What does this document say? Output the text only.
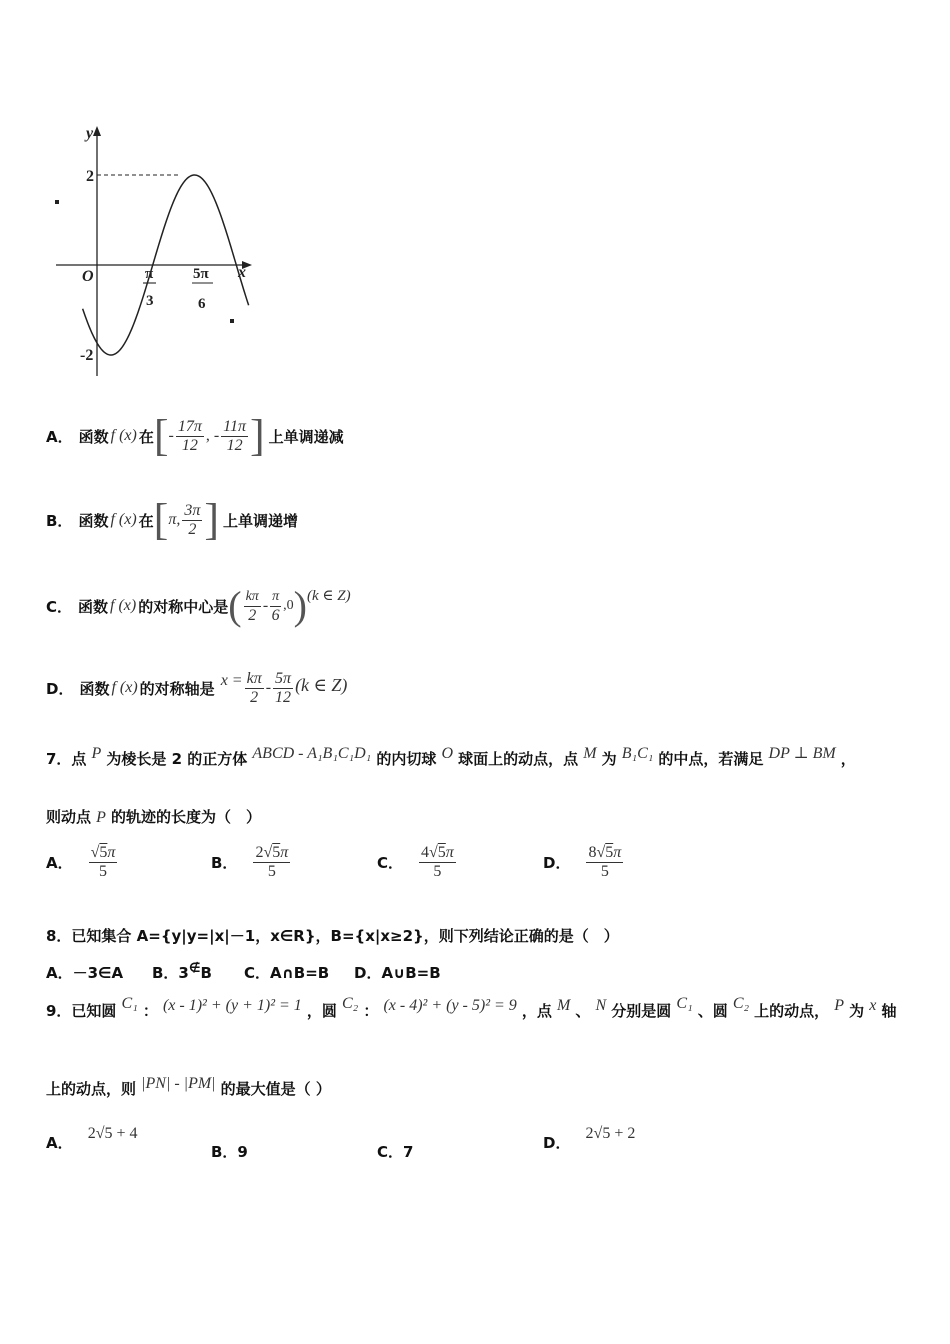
y
x
O
2
-2
π
3
5π
6
A． 函数 f (x) 在 [ - $\frac{17\pi}{12}$ , - $\frac{11\pi}{12}$ ] 上单调递减
B． 函数 f (x) 在 [ π, $\frac{3\pi}{2}$ ] 上单调递增
C． 函数 f (x) 的对称中心是 ( $\frac{k\pi}{2} - \frac{\pi}{6} ,0$ ) (k ∈ Z)
D． 函数 f (x) 的对称轴是 $x = \frac{k\pi}{2} - \frac{5\pi}{12} (k$ ∈ Z)
7．点 P 为棱长是 2 的正方体 ABCD - A₁B₁C₁D₁ 的内切球 O 球面上的动点，点 M 为 B₁C₁ 的中点，若满足 DP ⊥ BM ，
则动点 P 的轨迹的长度为（　）
A． $\frac{√5\pi}{5}$	B． $\frac{2√5\pi}{5}$	C． $\frac{4√5\pi}{5}$	D． $\frac{8√5\pi}{5}$
8．已知集合 A={y|y=|x|－1，x∈R}，B={x|x≥2}，则下列结论正确的是（　）
A．－3∈A B．3∉B C．A∩B=B D．A∪B=B
9．已知圆 C₁ ： (x - 1)² + (y + 1)² = 1 ，圆 C₂ ： (x - 4)² + (y - 5)² = 9 ，点 M 、 N 分别是圆 C₁ 、圆 C₂ 上的动点， P 为 x 轴
上的动点，则 |PN| - |PM| 的最大值是（ ）
A． 2√5 + 4
B．9	C．7	D． 2√5 + 2
